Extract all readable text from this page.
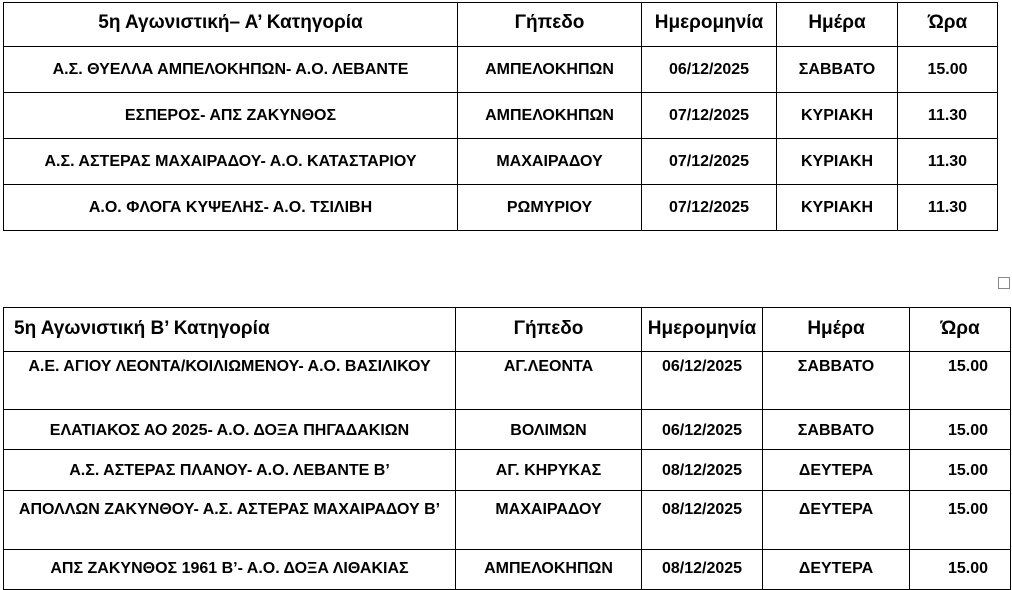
5η Αγωνιστική– Α’ Κατηγορία	Γήπεδο	Ημερομηνία	Ημέρα	Ώρα
Α.Σ. ΘΥΕΛΛΑ ΑΜΠΕΛΟΚΗΠΩΝ- Α.Ο. ΛΕΒΑΝΤΕ	ΑΜΠΕΛΟΚΗΠΩΝ	06/12/2025	ΣΑΒΒΑΤΟ	15.00
ΕΣΠΕΡΟΣ- ΑΠΣ ΖΑΚΥΝΘΟΣ	ΑΜΠΕΛΟΚΗΠΩΝ	07/12/2025	ΚΥΡΙΑΚΗ	11.30
Α.Σ. ΑΣΤΕΡΑΣ ΜΑΧΑΙΡΑΔΟΥ- Α.Ο. ΚΑΤΑΣΤΑΡΙΟΥ	ΜΑΧΑΙΡΑΔΟΥ	07/12/2025	ΚΥΡΙΑΚΗ	11.30
Α.Ο. ΦΛΟΓΑ ΚΥΨΕΛΗΣ- Α.Ο. ΤΣΙΛΙΒΗ	ΡΩΜΥΡΙΟΥ	07/12/2025	ΚΥΡΙΑΚΗ	11.30
5η Αγωνιστική Β’ Κατηγορία	Γήπεδο	Ημερομηνία	Ημέρα	Ώρα
Α.Ε. ΑΓΙΟΥ ΛΕΟΝΤΑ/ΚΟΙΛΙΩΜΕΝΟΥ- Α.Ο. ΒΑΣΙΛΙΚΟΥ	ΑΓ.ΛΕΟΝΤΑ	06/12/2025	ΣΑΒΒΑΤΟ	15.00
ΕΛΑΤΙΑΚΟΣ ΑΟ 2025- Α.Ο. ΔΟΞΑ ΠΗΓΑΔΑΚΙΩΝ	ΒΟΛΙΜΩΝ	06/12/2025	ΣΑΒΒΑΤΟ	15.00
Α.Σ. ΑΣΤΕΡΑΣ ΠΛΑΝΟΥ- Α.Ο. ΛΕΒΑΝΤΕ Β’	ΑΓ. ΚΗΡΥΚΑΣ	08/12/2025	ΔΕΥΤΕΡΑ	15.00
ΑΠΟΛΛΩΝ ΖΑΚΥΝΘΟΥ- Α.Σ. ΑΣΤΕΡΑΣ ΜΑΧΑΙΡΑΔΟΥ Β’	ΜΑΧΑΙΡΑΔΟΥ	08/12/2025	ΔΕΥΤΕΡΑ	15.00
ΑΠΣ ΖΑΚΥΝΘΟΣ 1961 Β’- Α.Ο. ΔΟΞΑ ΛΙΘΑΚΙΑΣ	ΑΜΠΕΛΟΚΗΠΩΝ	08/12/2025	ΔΕΥΤΕΡΑ	15.00
